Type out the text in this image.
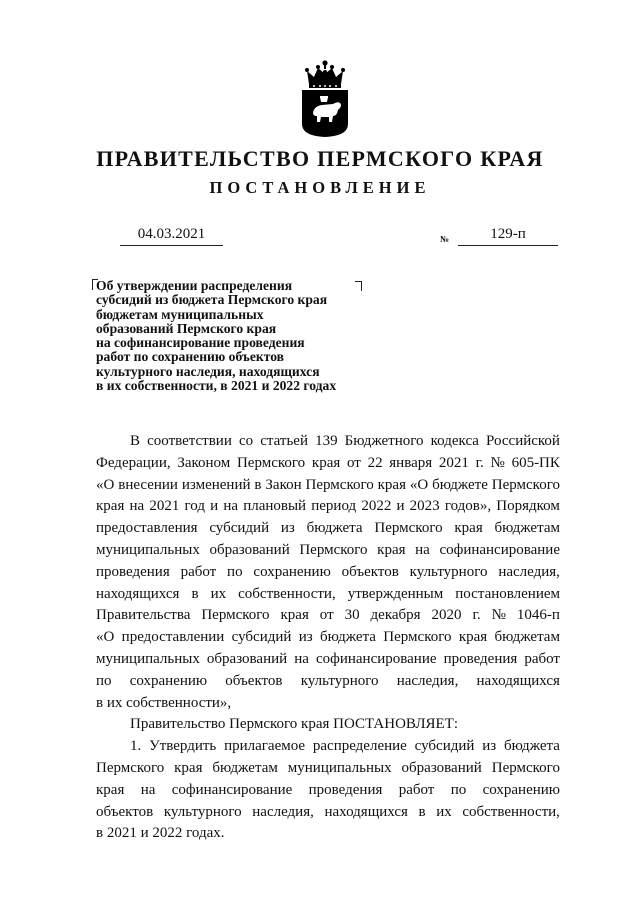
ПРАВИТЕЛЬСТВО ПЕРМСКОГО КРАЯ
ПОСТАНОВЛЕНИЕ
04.03.2021	№	129-п
Об утверждении распределения
субсидий из бюджета Пермского края
бюджетам муниципальных
образований Пермского края
на софинансирование проведения
работ по сохранению объектов
культурного наследия, находящихся
в их собственности, в 2021 и 2022 годах
В соответствии со статьей 139 Бюджетного кодекса Российской
Федерации, Законом Пермского края от 22 января 2021 г. № 605-ПК
«О внесении изменений в Закон Пермского края «О бюджете Пермского
края на 2021 год и на плановый период 2022 и 2023 годов», Порядком
предоставления субсидий из бюджета Пермского края бюджетам
муниципальных образований Пермского края на софинансирование
проведения работ по сохранению объектов культурного наследия,
находящихся в их собственности, утвержденным постановлением
Правительства Пермского края от 30 декабря 2020 г. № 1046-п
«О предоставлении субсидий из бюджета Пермского края бюджетам
муниципальных образований на софинансирование проведения работ
по сохранению объектов культурного наследия, находящихся
в их собственности»,
Правительство Пермского края ПОСТАНОВЛЯЕТ:
1. Утвердить прилагаемое распределение субсидий из бюджета
Пермского края бюджетам муниципальных образований Пермского
края на софинансирование проведения работ по сохранению
объектов культурного наследия, находящихся в их собственности,
в 2021 и 2022 годах.
